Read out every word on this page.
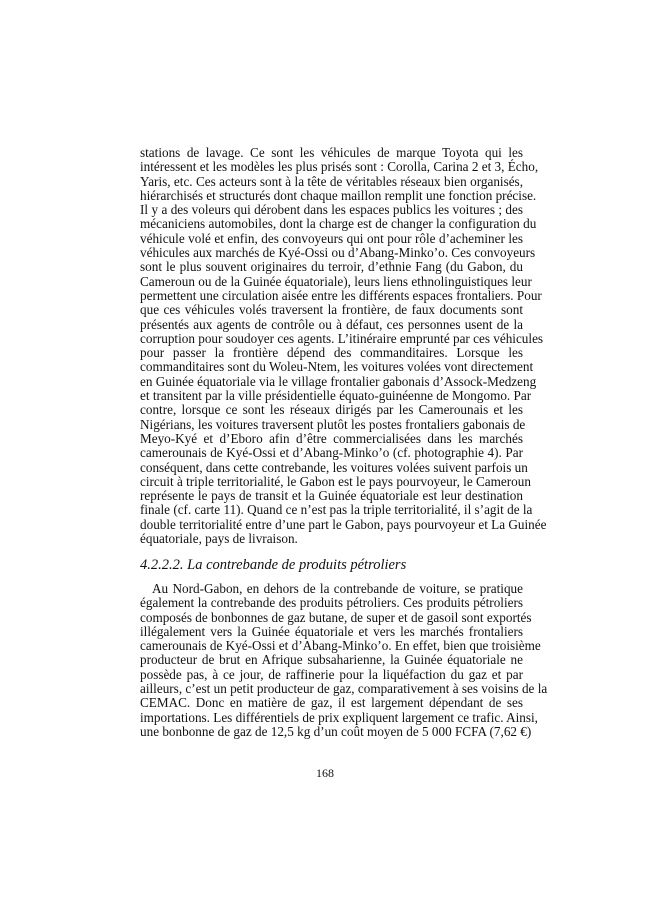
stations de lavage. Ce sont les véhicules de marque Toyota qui les
intéressent et les modèles les plus prisés sont : Corolla, Carina 2 et 3, Écho,
Yaris, etc. Ces acteurs sont à la tête de véritables réseaux bien organisés,
hiérarchisés et structurés dont chaque maillon remplit une fonction précise.
Il y a des voleurs qui dérobent dans les espaces publics les voitures ; des
mécaniciens automobiles, dont la charge est de changer la configuration du
véhicule volé et enfin, des convoyeurs qui ont pour rôle d’acheminer les
véhicules aux marchés de Kyé-Ossi ou d’Abang-Minko’o. Ces convoyeurs
sont le plus souvent originaires du terroir, d’ethnie Fang (du Gabon, du
Cameroun ou de la Guinée équatoriale), leurs liens ethnolinguistiques leur
permettent une circulation aisée entre les différents espaces frontaliers. Pour
que ces véhicules volés traversent la frontière, de faux documents sont
présentés aux agents de contrôle ou à défaut, ces personnes usent de la
corruption pour soudoyer ces agents. L’itinéraire emprunté par ces véhicules
pour passer la frontière dépend des commanditaires. Lorsque les
commanditaires sont du Woleu-Ntem, les voitures volées vont directement
en Guinée équatoriale via le village frontalier gabonais d’Assock-Medzeng
et transitent par la ville présidentielle équato-guinéenne de Mongomo. Par
contre, lorsque ce sont les réseaux dirigés par les Camerounais et les
Nigérians, les voitures traversent plutôt les postes frontaliers gabonais de
Meyo-Kyé et d’Eboro afin d’être commercialisées dans les marchés
camerounais de Kyé-Ossi et d’Abang-Minko’o (cf. photographie 4). Par
conséquent, dans cette contrebande, les voitures volées suivent parfois un
circuit à triple territorialité, le Gabon est le pays pourvoyeur, le Cameroun
représente le pays de transit et la Guinée équatoriale est leur destination
finale (cf. carte 11). Quand ce n’est pas la triple territorialité, il s’agit de la
double territorialité entre d’une part le Gabon, pays pourvoyeur et La Guinée
équatoriale, pays de livraison.
4.2.2.2. La contrebande de produits pétroliers
Au Nord-Gabon, en dehors de la contrebande de voiture, se pratique
également la contrebande des produits pétroliers. Ces produits pétroliers
composés de bonbonnes de gaz butane, de super et de gasoil sont exportés
illégalement vers la Guinée équatoriale et vers les marchés frontaliers
camerounais de Kyé-Ossi et d’Abang-Minko’o. En effet, bien que troisième
producteur de brut en Afrique subsaharienne, la Guinée équatoriale ne
possède pas, à ce jour, de raffinerie pour la liquéfaction du gaz et par
ailleurs, c’est un petit producteur de gaz, comparativement à ses voisins de la
CEMAC. Donc en matière de gaz, il est largement dépendant de ses
importations. Les différentiels de prix expliquent largement ce trafic. Ainsi,
une bonbonne de gaz de 12,5 kg d’un coût moyen de 5 000 FCFA (7,62 €)
168
